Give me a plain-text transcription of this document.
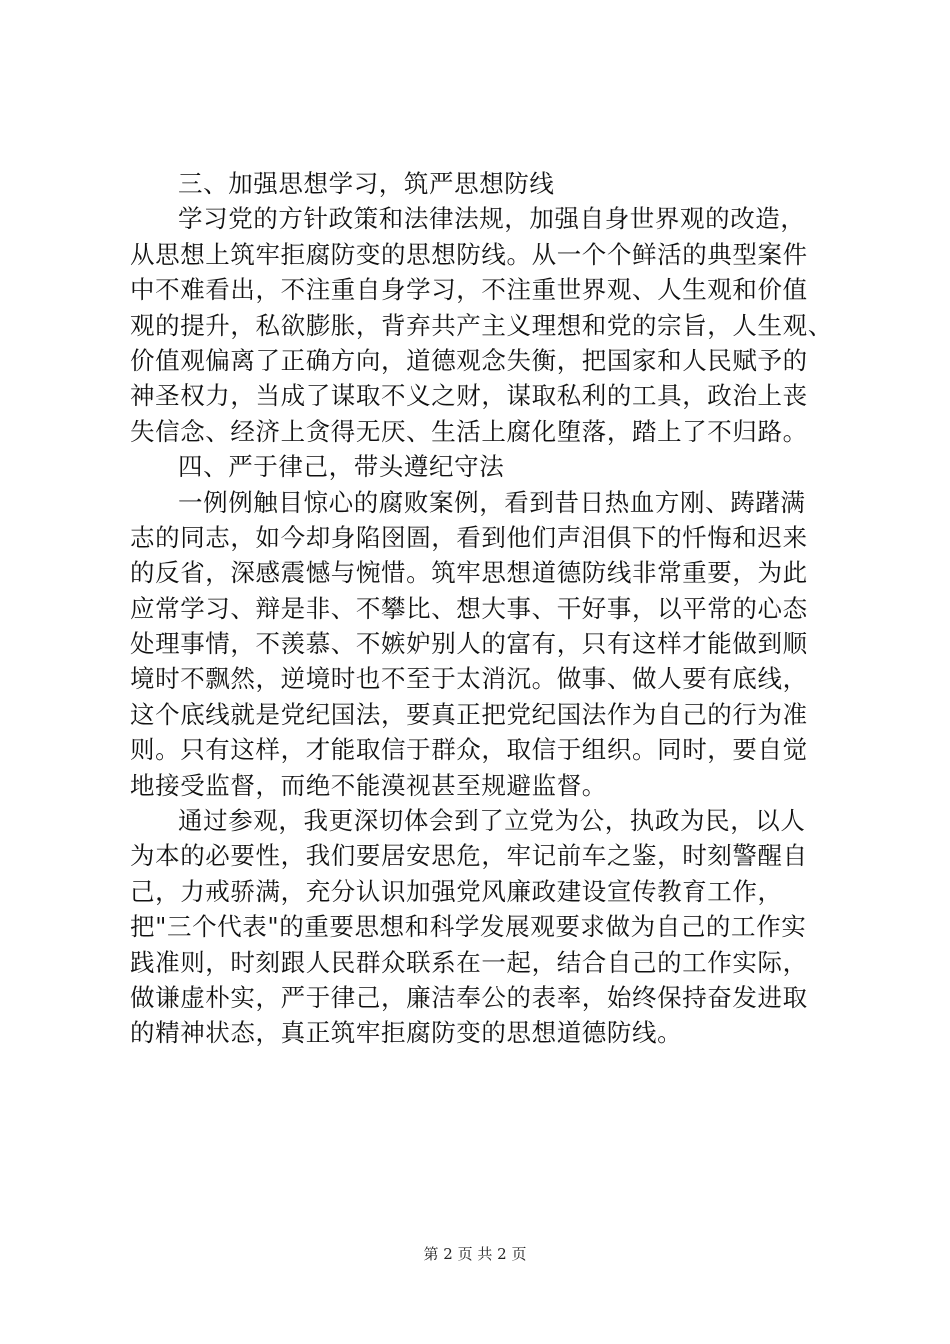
三、加强思想学习，筑严思想防线
学习党的方针政策和法律法规，加强自身世界观的改造，
从思想上筑牢拒腐防变的思想防线。从一个个鲜活的典型案件
中不难看出，不注重自身学习，不注重世界观、人生观和价值
观的提升，私欲膨胀，背弃共产主义理想和党的宗旨，人生观、
价值观偏离了正确方向，道德观念失衡，把国家和人民赋予的
神圣权力，当成了谋取不义之财，谋取私利的工具，政治上丧
失信念、经济上贪得无厌、生活上腐化堕落，踏上了不归路。
四、严于律己，带头遵纪守法
一例例触目惊心的腐败案例，看到昔日热血方刚、踌躇满
志的同志，如今却身陷囹圄，看到他们声泪俱下的忏悔和迟来
的反省，深感震憾与惋惜。筑牢思想道德防线非常重要，为此
应常学习、辩是非、不攀比、想大事、干好事，以平常的心态
处理事情，不羡慕、不嫉妒别人的富有，只有这样才能做到顺
境时不飘然，逆境时也不至于太消沉。做事、做人要有底线，
这个底线就是党纪国法，要真正把党纪国法作为自己的行为准
则。只有这样，才能取信于群众，取信于组织。同时，要自觉
地接受监督，而绝不能漠视甚至规避监督。
通过参观，我更深切体会到了立党为公，执政为民，以人
为本的必要性，我们要居安思危，牢记前车之鉴，时刻警醒自
己，力戒骄满，充分认识加强党风廉政建设宣传教育工作，
把"三个代表"的重要思想和科学发展观要求做为自己的工作实
践准则，时刻跟人民群众联系在一起，结合自己的工作实际，
做谦虚朴实，严于律己，廉洁奉公的表率，始终保持奋发进取
的精神状态，真正筑牢拒腐防变的思想道德防线。
第 2 页 共 2 页
